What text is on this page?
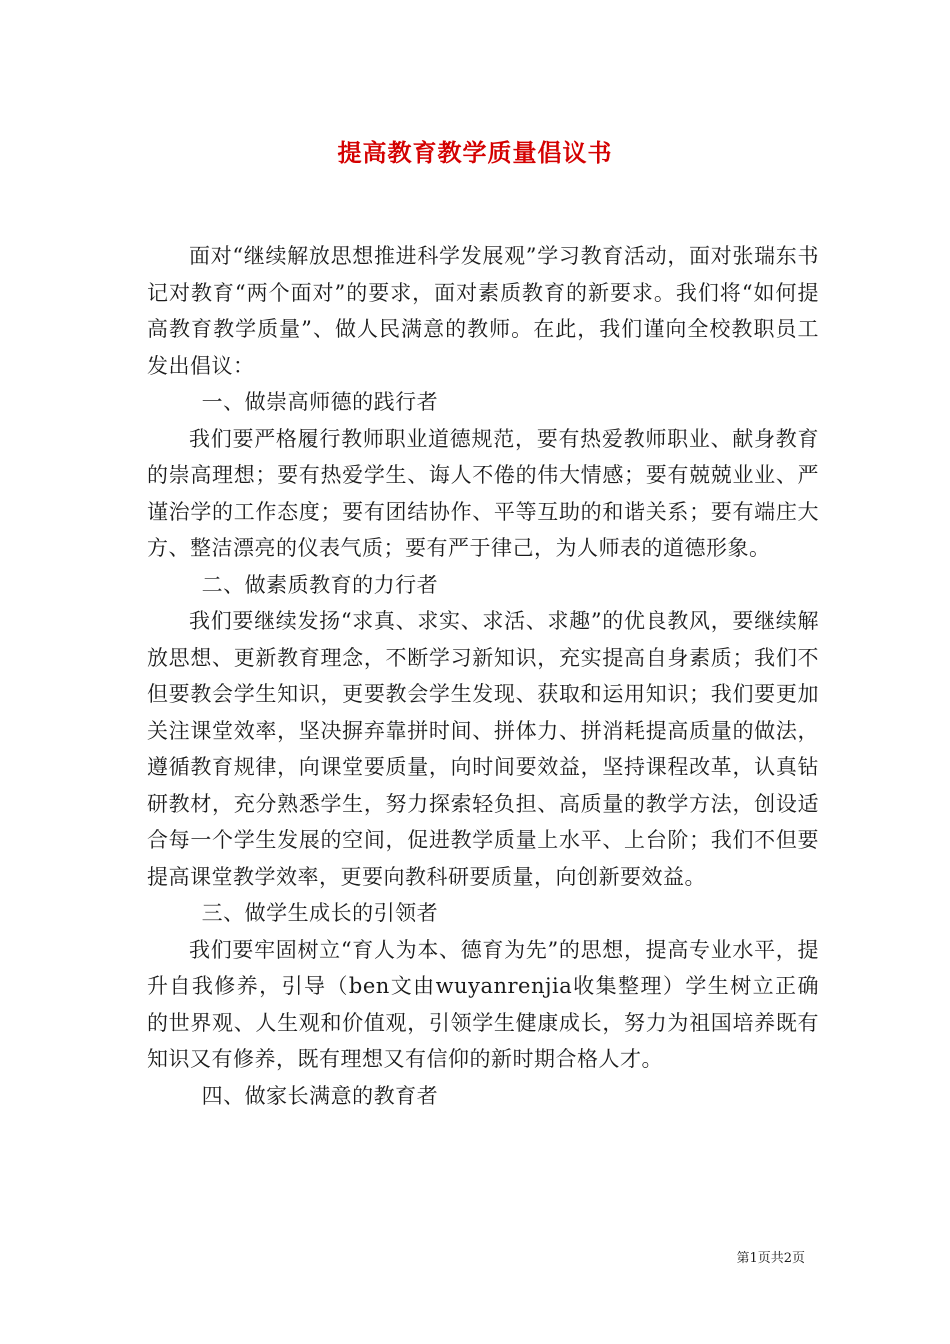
提高教育教学质量倡议书

面对“继续解放思想推进科学发展观”学习教育活动，面对张瑞东书记对教育“两个面对”的要求，面对素质教育的新要求。我们将“如何提高教育教学质量”、做人民满意的教师。在此，我们谨向全校教职员工发出倡议：

一、做崇高师德的践行者

我们要严格履行教师职业道德规范，要有热爱教师职业、献身教育的崇高理想；要有热爱学生、诲人不倦的伟大情感；要有兢兢业业、严谨治学的工作态度；要有团结协作、平等互助的和谐关系；要有端庄大方、整洁漂亮的仪表气质；要有严于律己，为人师表的道德形象。

二、做素质教育的力行者

我们要继续发扬“求真、求实、求活、求趣”的优良教风，要继续解放思想、更新教育理念，不断学习新知识，充实提高自身素质；我们不但要教会学生知识，更要教会学生发现、获取和运用知识；我们要更加关注课堂效率，坚决摒弃靠拼时间、拼体力、拼消耗提高质量的做法，遵循教育规律，向课堂要质量，向时间要效益，坚持课程改革，认真钻研教材，充分熟悉学生，努力探索轻负担、高质量的教学方法，创设适合每一个学生发展的空间，促进教学质量上水平、上台阶；我们不但要提高课堂教学效率，更要向教科研要质量，向创新要效益。

三、做学生成长的引领者

我们要牢固树立“育人为本、德育为先”的思想，提高专业水平，提升自我修养，引导（ben文由wuyanrenjia收集整理）学生树立正确的世界观、人生观和价值观，引领学生健康成长，努力为祖国培养既有知识又有修养，既有理想又有信仰的新时期合格人才。

四、做家长满意的教育者

第1页共2页
